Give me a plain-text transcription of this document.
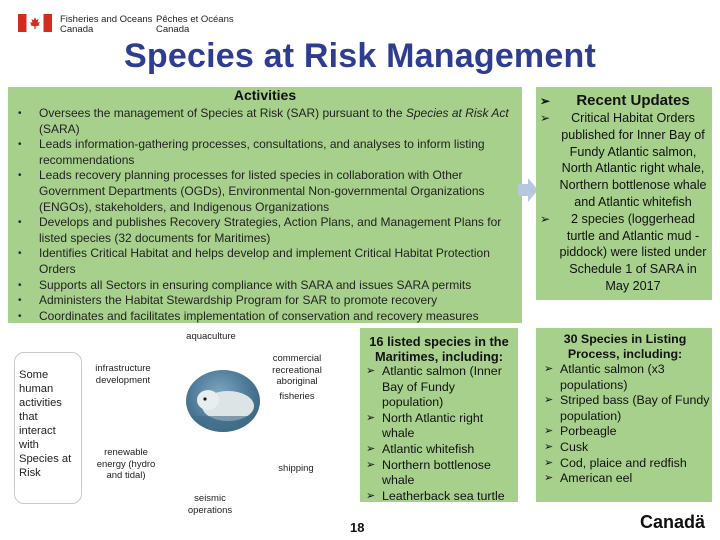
Fisheries and Oceans
Canada
Pêches et Océans
Canada
Species at Risk Management
Activities
• Oversees the management of Species at Risk (SAR) pursuant to the Species at Risk Act (SARA)
• Leads information-gathering processes, consultations, and analyses to inform listing recommendations
• Leads recovery planning processes for listed species in collaboration with Other Government Departments (OGDs), Environmental Non-governmental Organizations (ENGOs), stakeholders, and Indigenous Organizations
• Develops and publishes Recovery Strategies, Action Plans, and Management Plans for listed species (32 documents for Maritimes)
• Identifies Critical Habitat and helps develop and implement Critical Habitat Protection Orders
• Supports all Sectors in ensuring compliance with SARA and issues SARA permits
• Administers the Habitat Stewardship Program for SAR to promote recovery
• Coordinates and facilitates implementation of conservation and recovery measures
➢ Recent Updates
➢ Critical Habitat Orders published for Inner Bay of Fundy Atlantic salmon, North Atlantic right whale, Northern bottlenose whale and Atlantic whitefish
➢ 2 species (loggerhead turtle and Atlantic mud -piddock) were listed under Schedule 1 of SARA in May 2017
Some human activities that interact with Species at Risk
aquaculture
infrastructure development
commercial recreational aboriginal
fisheries
renewable energy (hydro and tidal)
shipping
seismic operations
16 listed species in the Maritimes, including:
➢ Atlantic salmon (Inner Bay of Fundy population)
➢ North Atlantic right whale
➢ Atlantic whitefish
➢ Northern bottlenose whale
➢ Leatherback sea turtle
30 Species in Listing Process, including:
➢ Atlantic salmon (x3 populations)
➢ Striped bass (Bay of Fundy population)
➢ Porbeagle
➢ Cusk
➢ Cod, plaice and redfish
➢ American eel
18	Canadä
